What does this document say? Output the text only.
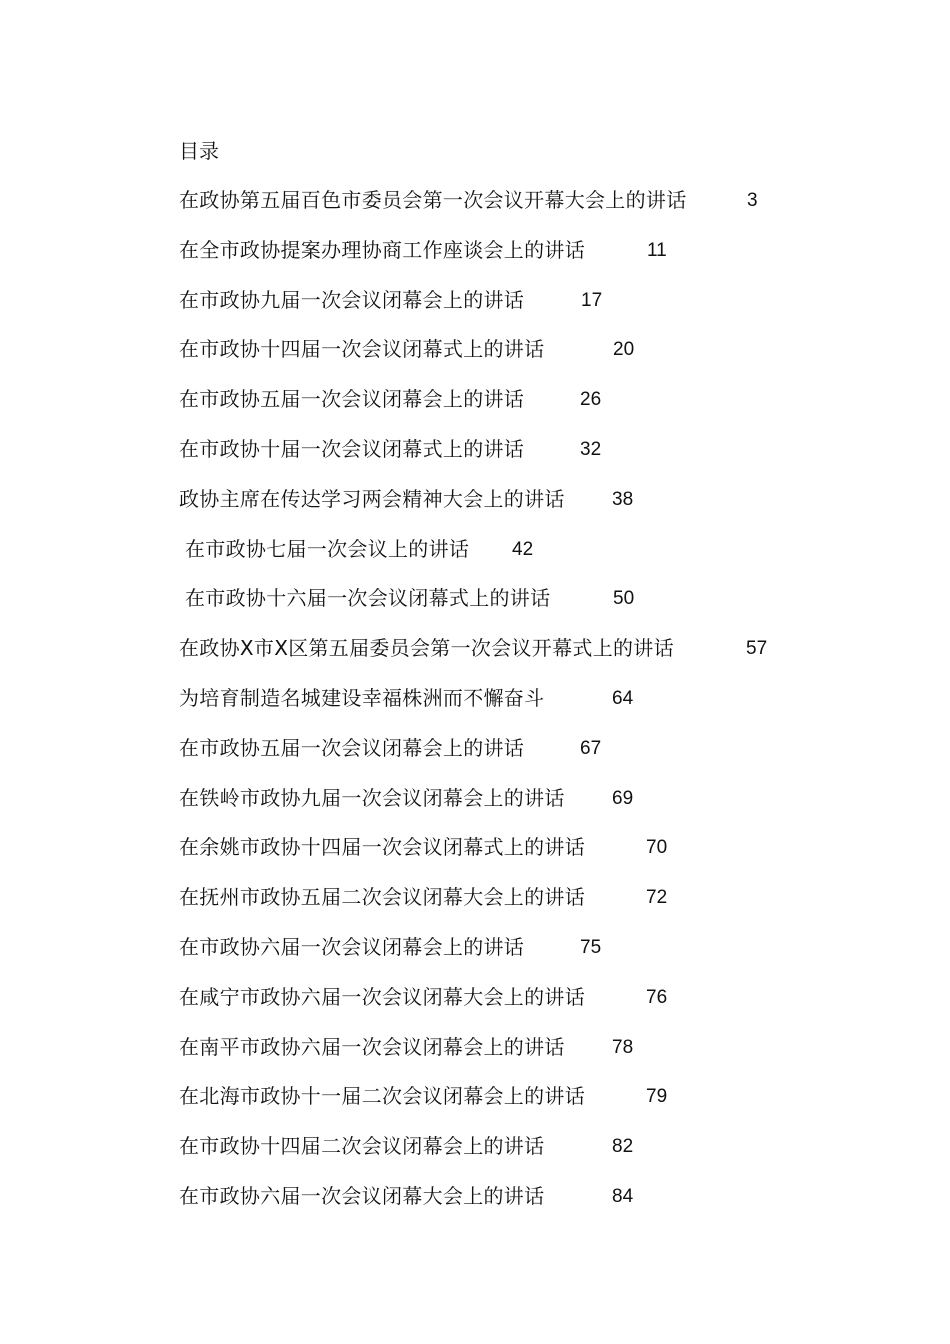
目录
在政协第五届百色市委员会第一次会议开幕大会上的讲话	3
在全市政协提案办理协商工作座谈会上的讲话	11
在市政协九届一次会议闭幕会上的讲话	17
在市政协十四届一次会议闭幕式上的讲话	20
在市政协五届一次会议闭幕会上的讲话	26
在市政协十届一次会议闭幕式上的讲话	32
政协主席在传达学习两会精神大会上的讲话 38
在市政协七届一次会议上的讲话 42
在市政协十六届一次会议闭幕式上的讲话	50
在政协X市X区第五届委员会第一次会议开幕式上的讲话	57
为培育制造名城建设幸福株洲而不懈奋斗	64
在市政协五届一次会议闭幕会上的讲话	67
在铁岭市政协九届一次会议闭幕会上的讲话 69
在余姚市政协十四届一次会议闭幕式上的讲话	70
在抚州市政协五届二次会议闭幕大会上的讲话	72
在市政协六届一次会议闭幕会上的讲话	75
在咸宁市政协六届一次会议闭幕大会上的讲话	76
在南平市政协六届一次会议闭幕会上的讲话 78
在北海市政协十一届二次会议闭幕会上的讲话	79
在市政协十四届二次会议闭幕会上的讲话	82
在市政协六届一次会议闭幕大会上的讲话	84
